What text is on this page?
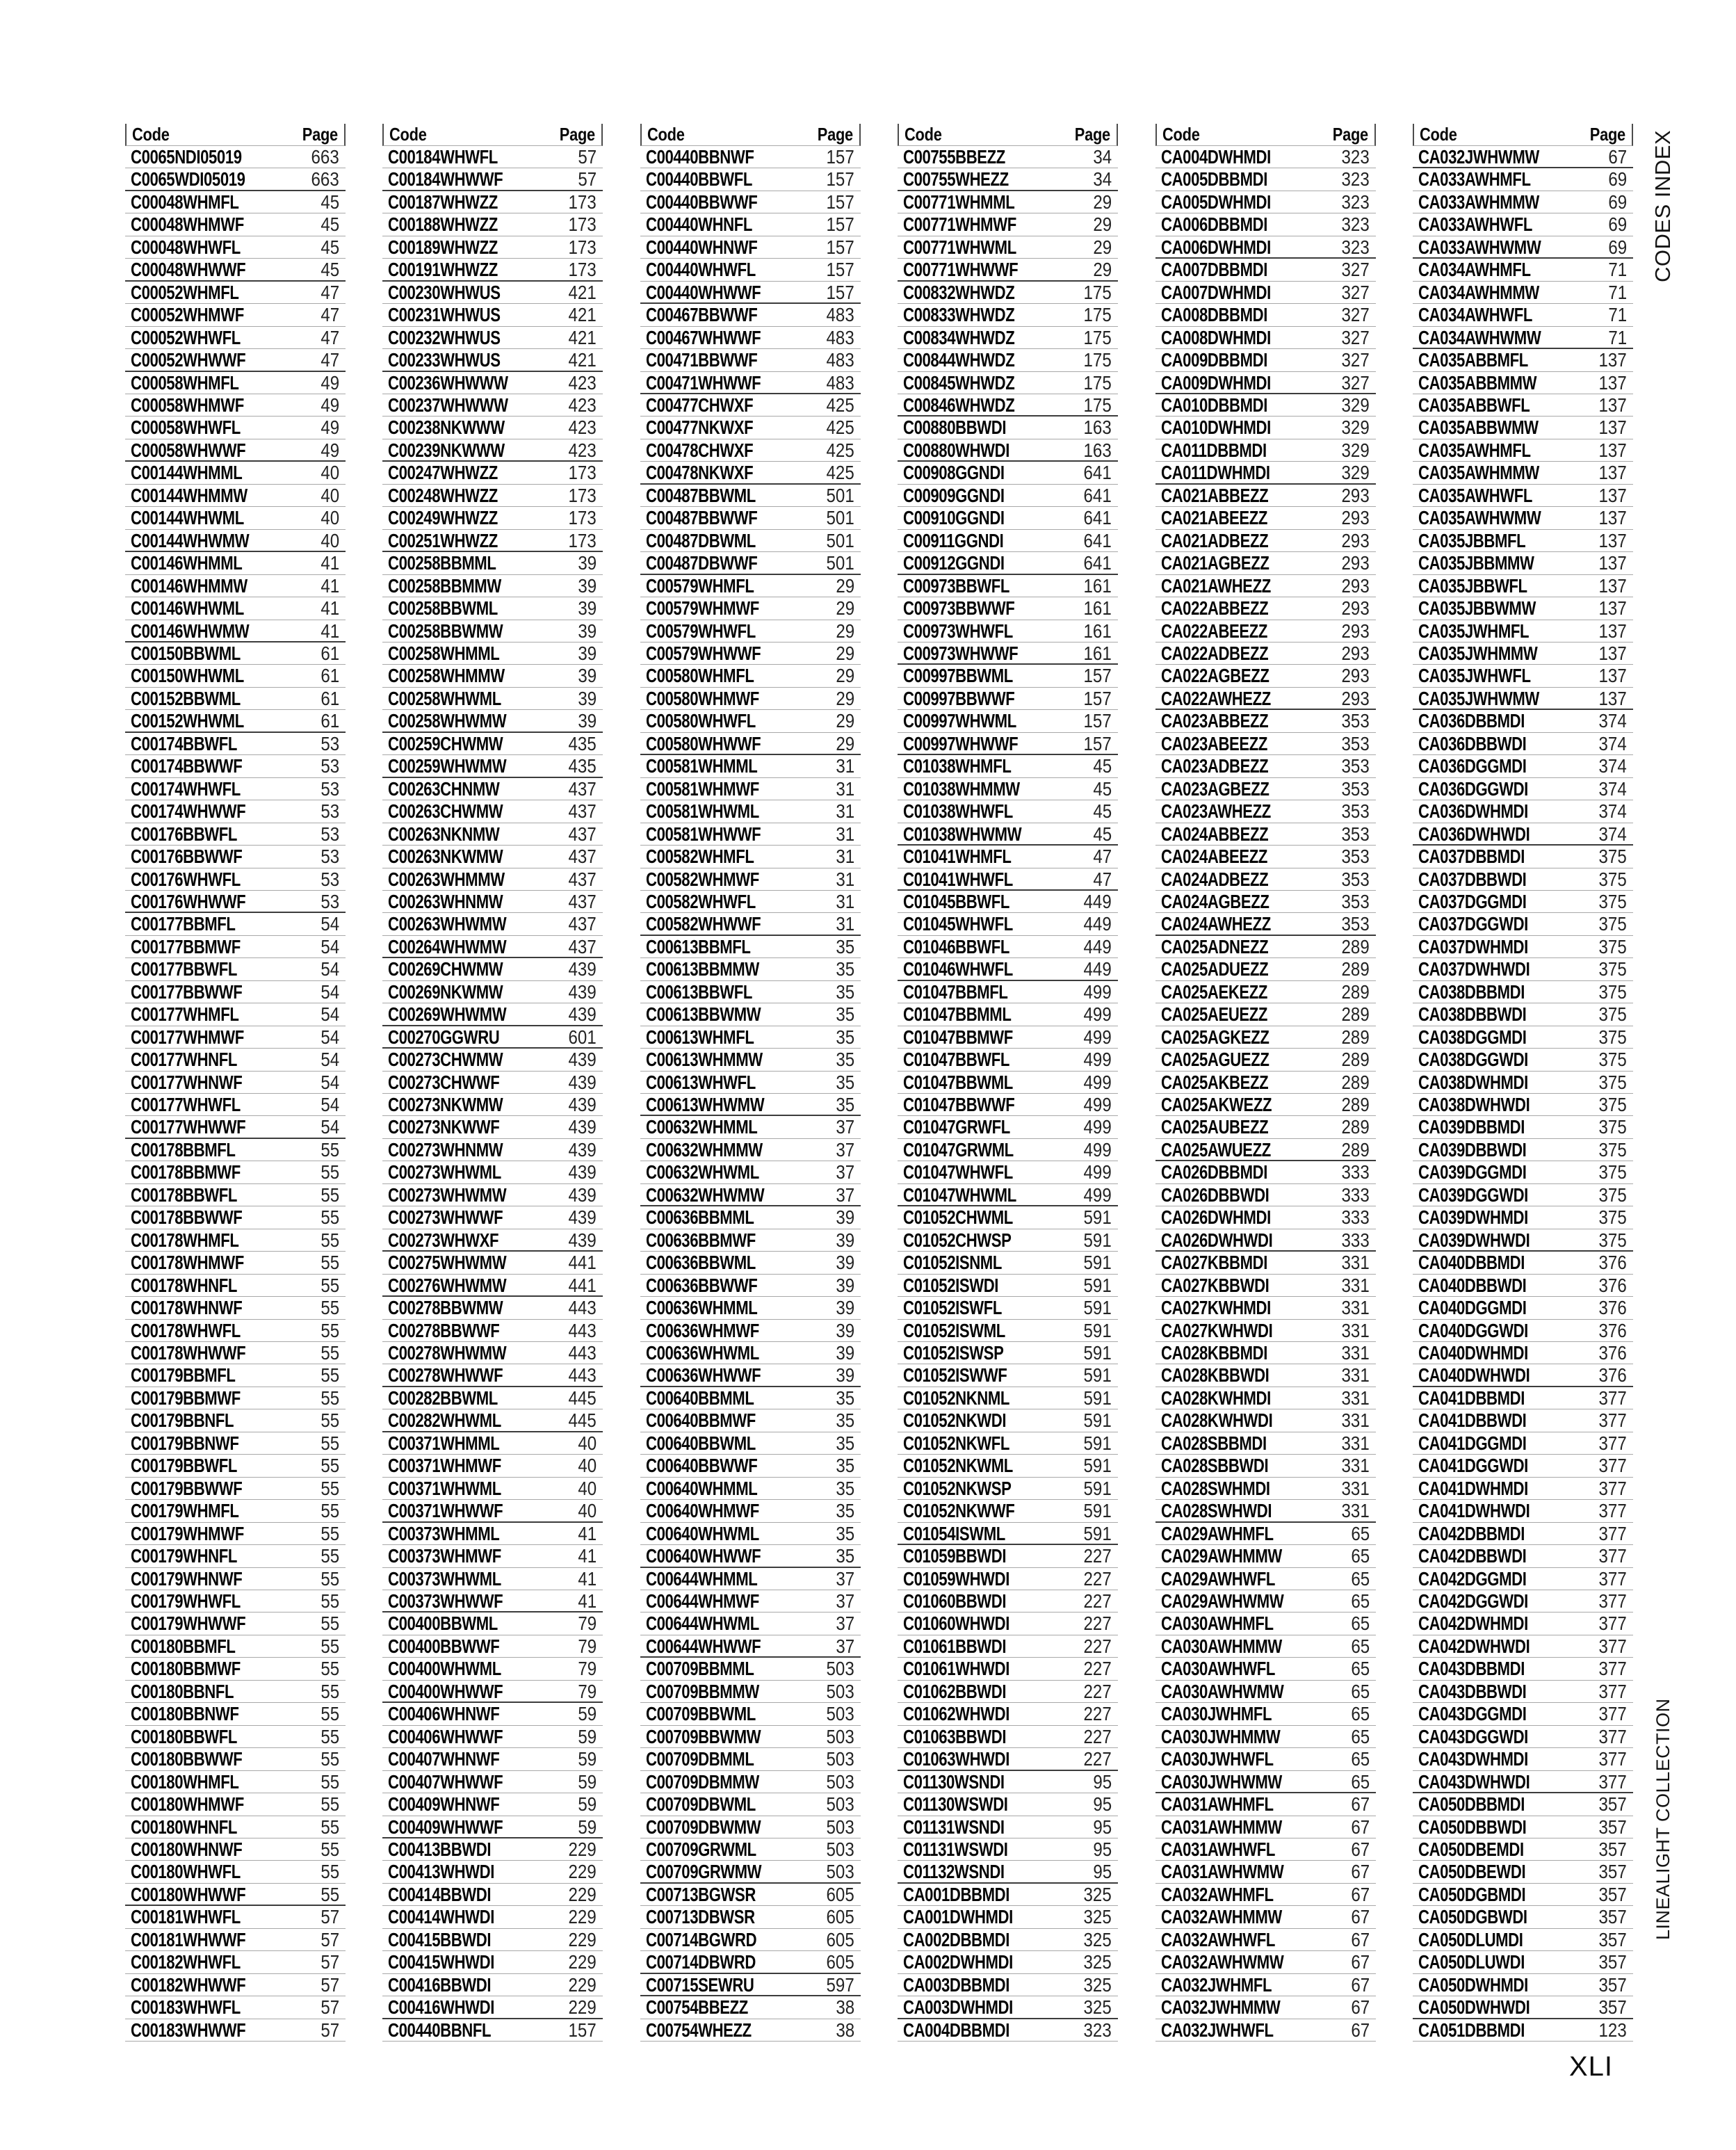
Code	Page
C0065NDI05019	663
C0065WDI05019	663
C00048WHMFL	45
C00048WHMWF	45
C00048WHWFL	45
C00048WHWWF	45
C00052WHMFL	47
C00052WHMWF	47
C00052WHWFL	47
C00052WHWWF	47
C00058WHMFL	49
C00058WHMWF	49
C00058WHWFL	49
C00058WHWWF	49
C00144WHMML	40
C00144WHMMW	40
C00144WHWML	40
C00144WHWMW	40
C00146WHMML	41
C00146WHMMW	41
C00146WHWML	41
C00146WHWMW	41
C00150BBWML	61
C00150WHWML	61
C00152BBWML	61
C00152WHWML	61
C00174BBWFL	53
C00174BBWWF	53
C00174WHWFL	53
C00174WHWWF	53
C00176BBWFL	53
C00176BBWWF	53
C00176WHWFL	53
C00176WHWWF	53
C00177BBMFL	54
C00177BBMWF	54
C00177BBWFL	54
C00177BBWWF	54
C00177WHMFL	54
C00177WHMWF	54
C00177WHNFL	54
C00177WHNWF	54
C00177WHWFL	54
C00177WHWWF	54
C00178BBMFL	55
C00178BBMWF	55
C00178BBWFL	55
C00178BBWWF	55
C00178WHMFL	55
C00178WHMWF	55
C00178WHNFL	55
C00178WHNWF	55
C00178WHWFL	55
C00178WHWWF	55
C00179BBMFL	55
C00179BBMWF	55
C00179BBNFL	55
C00179BBNWF	55
C00179BBWFL	55
C00179BBWWF	55
C00179WHMFL	55
C00179WHMWF	55
C00179WHNFL	55
C00179WHNWF	55
C00179WHWFL	55
C00179WHWWF	55
C00180BBMFL	55
C00180BBMWF	55
C00180BBNFL	55
C00180BBNWF	55
C00180BBWFL	55
C00180BBWWF	55
C00180WHMFL	55
C00180WHMWF	55
C00180WHNFL	55
C00180WHNWF	55
C00180WHWFL	55
C00180WHWWF	55
C00181WHWFL	57
C00181WHWWF	57
C00182WHWFL	57
C00182WHWWF	57
C00183WHWFL	57
C00183WHWWF	57
Code	Page
C00184WHWFL	57
C00184WHWWF	57
C00187WHWZZ	173
C00188WHWZZ	173
C00189WHWZZ	173
C00191WHWZZ	173
C00230WHWUS	421
C00231WHWUS	421
C00232WHWUS	421
C00233WHWUS	421
C00236WHWWW	423
C00237WHWWW	423
C00238NKWWW	423
C00239NKWWW	423
C00247WHWZZ	173
C00248WHWZZ	173
C00249WHWZZ	173
C00251WHWZZ	173
C00258BBMML	39
C00258BBMMW	39
C00258BBWML	39
C00258BBWMW	39
C00258WHMML	39
C00258WHMMW	39
C00258WHWML	39
C00258WHWMW	39
C00259CHWMW	435
C00259WHWMW	435
C00263CHNMW	437
C00263CHWMW	437
C00263NKNMW	437
C00263NKWMW	437
C00263WHMMW	437
C00263WHNMW	437
C00263WHWMW	437
C00264WHWMW	437
C00269CHWMW	439
C00269NKWMW	439
C00269WHWMW	439
C00270GGWRU	601
C00273CHWMW	439
C00273CHWWF	439
C00273NKWMW	439
C00273NKWWF	439
C00273WHNMW	439
C00273WHWML	439
C00273WHWMW	439
C00273WHWWF	439
C00273WHWXF	439
C00275WHWMW	441
C00276WHWMW	441
C00278BBWMW	443
C00278BBWWF	443
C00278WHWMW	443
C00278WHWWF	443
C00282BBWML	445
C00282WHWML	445
C00371WHMML	40
C00371WHMWF	40
C00371WHWML	40
C00371WHWWF	40
C00373WHMML	41
C00373WHMWF	41
C00373WHWML	41
C00373WHWWF	41
C00400BBWML	79
C00400BBWWF	79
C00400WHWML	79
C00400WHWWF	79
C00406WHNWF	59
C00406WHWWF	59
C00407WHNWF	59
C00407WHWWF	59
C00409WHNWF	59
C00409WHWWF	59
C00413BBWDI	229
C00413WHWDI	229
C00414BBWDI	229
C00414WHWDI	229
C00415BBWDI	229
C00415WHWDI	229
C00416BBWDI	229
C00416WHWDI	229
C00440BBNFL	157
Code	Page
C00440BBNWF	157
C00440BBWFL	157
C00440BBWWF	157
C00440WHNFL	157
C00440WHNWF	157
C00440WHWFL	157
C00440WHWWF	157
C00467BBWWF	483
C00467WHWWF	483
C00471BBWWF	483
C00471WHWWF	483
C00477CHWXF	425
C00477NKWXF	425
C00478CHWXF	425
C00478NKWXF	425
C00487BBWML	501
C00487BBWWF	501
C00487DBWML	501
C00487DBWWF	501
C00579WHMFL	29
C00579WHMWF	29
C00579WHWFL	29
C00579WHWWF	29
C00580WHMFL	29
C00580WHMWF	29
C00580WHWFL	29
C00580WHWWF	29
C00581WHMML	31
C00581WHMWF	31
C00581WHWML	31
C00581WHWWF	31
C00582WHMFL	31
C00582WHMWF	31
C00582WHWFL	31
C00582WHWWF	31
C00613BBMFL	35
C00613BBMMW	35
C00613BBWFL	35
C00613BBWMW	35
C00613WHMFL	35
C00613WHMMW	35
C00613WHWFL	35
C00613WHWMW	35
C00632WHMML	37
C00632WHMMW	37
C00632WHWML	37
C00632WHWMW	37
C00636BBMML	39
C00636BBMWF	39
C00636BBWML	39
C00636BBWWF	39
C00636WHMML	39
C00636WHMWF	39
C00636WHWML	39
C00636WHWWF	39
C00640BBMML	35
C00640BBMWF	35
C00640BBWML	35
C00640BBWWF	35
C00640WHMML	35
C00640WHMWF	35
C00640WHWML	35
C00640WHWWF	35
C00644WHMML	37
C00644WHMWF	37
C00644WHWML	37
C00644WHWWF	37
C00709BBMML	503
C00709BBMMW	503
C00709BBWML	503
C00709BBWMW	503
C00709DBMML	503
C00709DBMMW	503
C00709DBWML	503
C00709DBWMW	503
C00709GRWML	503
C00709GRWMW	503
C00713BGWSR	605
C00713DBWSR	605
C00714BGWRD	605
C00714DBWRD	605
C00715SEWRU	597
C00754BBEZZ	38
C00754WHEZZ	38
Code	Page
C00755BBEZZ	34
C00755WHEZZ	34
C00771WHMML	29
C00771WHMWF	29
C00771WHWML	29
C00771WHWWF	29
C00832WHWDZ	175
C00833WHWDZ	175
C00834WHWDZ	175
C00844WHWDZ	175
C00845WHWDZ	175
C00846WHWDZ	175
C00880BBWDI	163
C00880WHWDI	163
C00908GGNDI	641
C00909GGNDI	641
C00910GGNDI	641
C00911GGNDI	641
C00912GGNDI	641
C00973BBWFL	161
C00973BBWWF	161
C00973WHWFL	161
C00973WHWWF	161
C00997BBWML	157
C00997BBWWF	157
C00997WHWML	157
C00997WHWWF	157
C01038WHMFL	45
C01038WHMMW	45
C01038WHWFL	45
C01038WHWMW	45
C01041WHMFL	47
C01041WHWFL	47
C01045BBWFL	449
C01045WHWFL	449
C01046BBWFL	449
C01046WHWFL	449
C01047BBMFL	499
C01047BBMML	499
C01047BBMWF	499
C01047BBWFL	499
C01047BBWML	499
C01047BBWWF	499
C01047GRWFL	499
C01047GRWML	499
C01047WHWFL	499
C01047WHWML	499
C01052CHWML	591
C01052CHWSP	591
C01052ISNML	591
C01052ISWDI	591
C01052ISWFL	591
C01052ISWML	591
C01052ISWSP	591
C01052ISWWF	591
C01052NKNML	591
C01052NKWDI	591
C01052NKWFL	591
C01052NKWML	591
C01052NKWSP	591
C01052NKWWF	591
C01054ISWML	591
C01059BBWDI	227
C01059WHWDI	227
C01060BBWDI	227
C01060WHWDI	227
C01061BBWDI	227
C01061WHWDI	227
C01062BBWDI	227
C01062WHWDI	227
C01063BBWDI	227
C01063WHWDI	227
C01130WSNDI	95
C01130WSWDI	95
C01131WSNDI	95
C01131WSWDI	95
C01132WSNDI	95
CA001DBBMDI	325
CA001DWHMDI	325
CA002DBBMDI	325
CA002DWHMDI	325
CA003DBBMDI	325
CA003DWHMDI	325
CA004DBBMDI	323
Code	Page
CA004DWHMDI	323
CA005DBBMDI	323
CA005DWHMDI	323
CA006DBBMDI	323
CA006DWHMDI	323
CA007DBBMDI	327
CA007DWHMDI	327
CA008DBBMDI	327
CA008DWHMDI	327
CA009DBBMDI	327
CA009DWHMDI	327
CA010DBBMDI	329
CA010DWHMDI	329
CA011DBBMDI	329
CA011DWHMDI	329
CA021ABBEZZ	293
CA021ABEEZZ	293
CA021ADBEZZ	293
CA021AGBEZZ	293
CA021AWHEZZ	293
CA022ABBEZZ	293
CA022ABEEZZ	293
CA022ADBEZZ	293
CA022AGBEZZ	293
CA022AWHEZZ	293
CA023ABBEZZ	353
CA023ABEEZZ	353
CA023ADBEZZ	353
CA023AGBEZZ	353
CA023AWHEZZ	353
CA024ABBEZZ	353
CA024ABEEZZ	353
CA024ADBEZZ	353
CA024AGBEZZ	353
CA024AWHEZZ	353
CA025ADNEZZ	289
CA025ADUEZZ	289
CA025AEKEZZ	289
CA025AEUEZZ	289
CA025AGKEZZ	289
CA025AGUEZZ	289
CA025AKBEZZ	289
CA025AKWEZZ	289
CA025AUBEZZ	289
CA025AWUEZZ	289
CA026DBBMDI	333
CA026DBBWDI	333
CA026DWHMDI	333
CA026DWHWDI	333
CA027KBBMDI	331
CA027KBBWDI	331
CA027KWHMDI	331
CA027KWHWDI	331
CA028KBBMDI	331
CA028KBBWDI	331
CA028KWHMDI	331
CA028KWHWDI	331
CA028SBBMDI	331
CA028SBBWDI	331
CA028SWHMDI	331
CA028SWHWDI	331
CA029AWHMFL	65
CA029AWHMMW	65
CA029AWHWFL	65
CA029AWHWMW	65
CA030AWHMFL	65
CA030AWHMMW	65
CA030AWHWFL	65
CA030AWHWMW	65
CA030JWHMFL	65
CA030JWHMMW	65
CA030JWHWFL	65
CA030JWHWMW	65
CA031AWHMFL	67
CA031AWHMMW	67
CA031AWHWFL	67
CA031AWHWMW	67
CA032AWHMFL	67
CA032AWHMMW	67
CA032AWHWFL	67
CA032AWHWMW	67
CA032JWHMFL	67
CA032JWHMMW	67
CA032JWHWFL	67
Code	Page
CA032JWHWMW	67
CA033AWHMFL	69
CA033AWHMMW	69
CA033AWHWFL	69
CA033AWHWMW	69
CA034AWHMFL	71
CA034AWHMMW	71
CA034AWHWFL	71
CA034AWHWMW	71
CA035ABBMFL	137
CA035ABBMMW	137
CA035ABBWFL	137
CA035ABBWMW	137
CA035AWHMFL	137
CA035AWHMMW	137
CA035AWHWFL	137
CA035AWHWMW	137
CA035JBBMFL	137
CA035JBBMMW	137
CA035JBBWFL	137
CA035JBBWMW	137
CA035JWHMFL	137
CA035JWHMMW	137
CA035JWHWFL	137
CA035JWHWMW	137
CA036DBBMDI	374
CA036DBBWDI	374
CA036DGGMDI	374
CA036DGGWDI	374
CA036DWHMDI	374
CA036DWHWDI	374
CA037DBBMDI	375
CA037DBBWDI	375
CA037DGGMDI	375
CA037DGGWDI	375
CA037DWHMDI	375
CA037DWHWDI	375
CA038DBBMDI	375
CA038DBBWDI	375
CA038DGGMDI	375
CA038DGGWDI	375
CA038DWHMDI	375
CA038DWHWDI	375
CA039DBBMDI	375
CA039DBBWDI	375
CA039DGGMDI	375
CA039DGGWDI	375
CA039DWHMDI	375
CA039DWHWDI	375
CA040DBBMDI	376
CA040DBBWDI	376
CA040DGGMDI	376
CA040DGGWDI	376
CA040DWHMDI	376
CA040DWHWDI	376
CA041DBBMDI	377
CA041DBBWDI	377
CA041DGGMDI	377
CA041DGGWDI	377
CA041DWHMDI	377
CA041DWHWDI	377
CA042DBBMDI	377
CA042DBBWDI	377
CA042DGGMDI	377
CA042DGGWDI	377
CA042DWHMDI	377
CA042DWHWDI	377
CA043DBBMDI	377
CA043DBBWDI	377
CA043DGGMDI	377
CA043DGGWDI	377
CA043DWHMDI	377
CA043DWHWDI	377
CA050DBBMDI	357
CA050DBBWDI	357
CA050DBEMDI	357
CA050DBEWDI	357
CA050DGBMDI	357
CA050DGBWDI	357
CA050DLUMDI	357
CA050DLUWDI	357
CA050DWHMDI	357
CA050DWHWDI	357
CA051DBBMDI	123
CODES INDEX
LINEALIGHT COLLECTION
XLI
